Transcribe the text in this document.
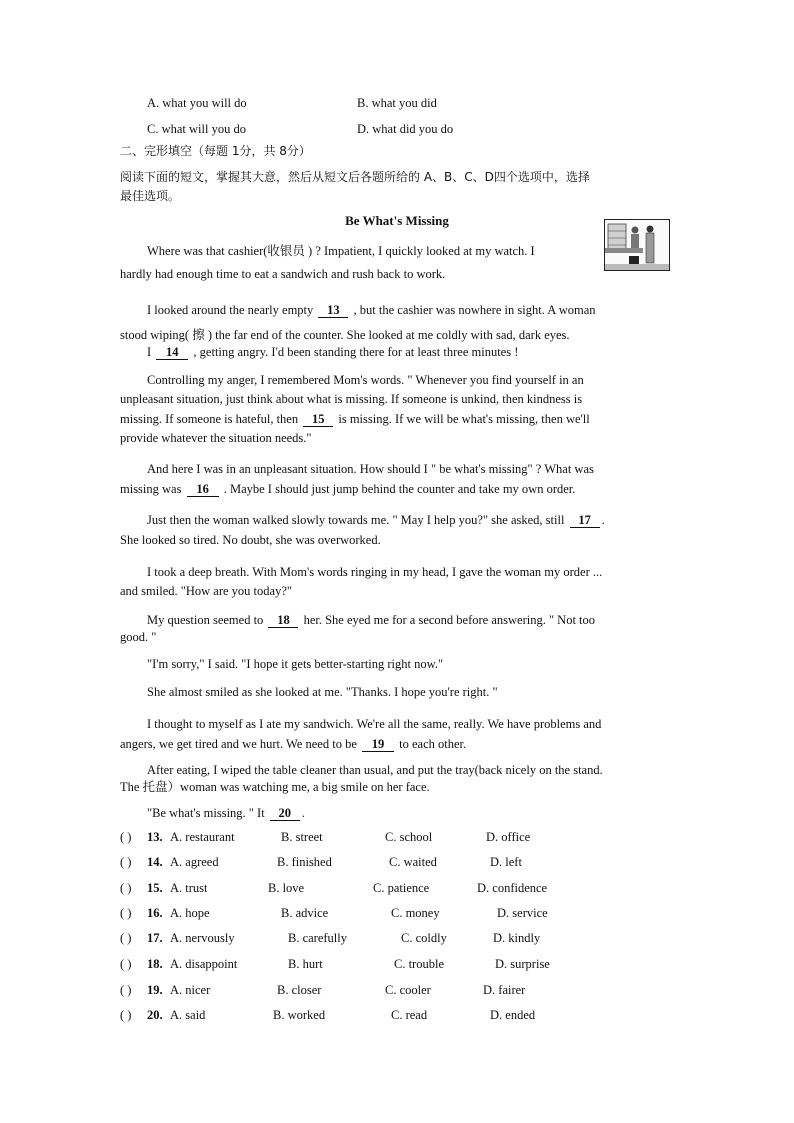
A. what you will do	B. what you did
C. what will you do	D. what did you do
二、完形填空（每题 1分，共 8分）
阅读下面的短文，掌握其大意，然后从短文后各题所给的 A、B、C、D四个选项中，选择
最佳选项。
Be What's Missing
Where was that cashier(收银员 ) ? Impatient, I quickly looked at my watch. I
hardly had enough time to eat a sandwich and rush back to work.
I looked around the nearly empty 13 , but the cashier was nowhere in sight. A woman
stood wiping( 擦 ) the far end of the counter. She looked at me coldly with sad, dark eyes.
I 14 , getting angry. I'd been standing there for at least three minutes !
Controlling my anger, I remembered Mom's words. " Whenever you find yourself in an
unpleasant situation, just think about what is missing. If someone is unkind, then kindness is
missing. If someone is hateful, then 15 is missing. If we will be what's missing, then we'll
provide whatever the situation needs."
And here I was in an unpleasant situation. How should I " be what's missing" ? What was
missing was 16 . Maybe I should just jump behind the counter and take my own order.
Just then the woman walked slowly towards me. " May I help you?" she asked, still 17 .
She looked so tired. No doubt, she was overworked.
I took a deep breath. With Mom's words ringing in my head, I gave the woman my order ...
and smiled. "How are you today?"
My question seemed to 18 her. She eyed me for a second before answering. " Not too
good. "
"I'm sorry," I said. "I hope it gets better-starting right now."
She almost smiled as she looked at me. "Thanks. I hope you're right. "
I thought to myself as I ate my sandwich. We're all the same, really. We have problems and
angers, we get tired and we hurt. We need to be 19 to each other.
After eating, I wiped the table cleaner than usual, and put the tray(back nicely on the stand.
The 托盘）woman was watching me, a big smile on her face.
"Be what's missing. " It 20 .
( ) 13. A. restaurant	B. street	C. school	D. office
( ) 14. A. agreed	B. finished	C. waited	D. left
( ) 15. A. trust	B. love	C. patience	D. confidence
( ) 16. A. hope	B. advice	C. money	D. service
( ) 17. A. nervously	B. carefully	C. coldly	D. kindly
( ) 18. A. disappoint	B. hurt	C. trouble	D. surprise
( ) 19. A. nicer	B. closer	C. cooler	D. fairer
( ) 20. A. said	B. worked	C. read	D. ended
